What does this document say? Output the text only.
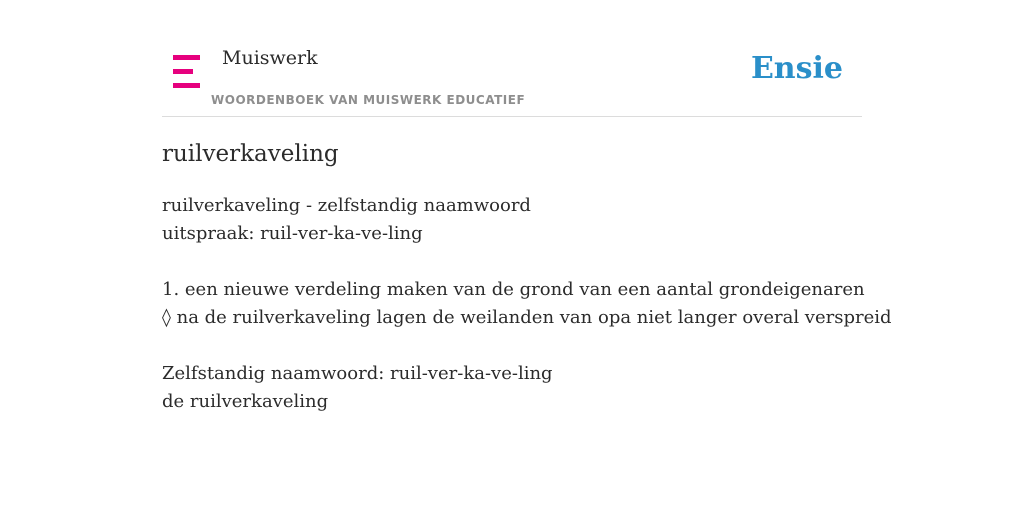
Muiswerk
WOORDENBOEK VAN MUISWERK EDUCATIEF
Ensie
ruilverkaveling
ruilverkaveling - zelfstandig naamwoord
uitspraak: ruil-ver-ka-ve-ling
1. een nieuwe verdeling maken van de grond van een aantal grondeigenaren
◊ na de ruilverkaveling lagen de weilanden van opa niet langer overal verspreid
Zelfstandig naamwoord: ruil-ver-ka-ve-ling
de ruilverkaveling
